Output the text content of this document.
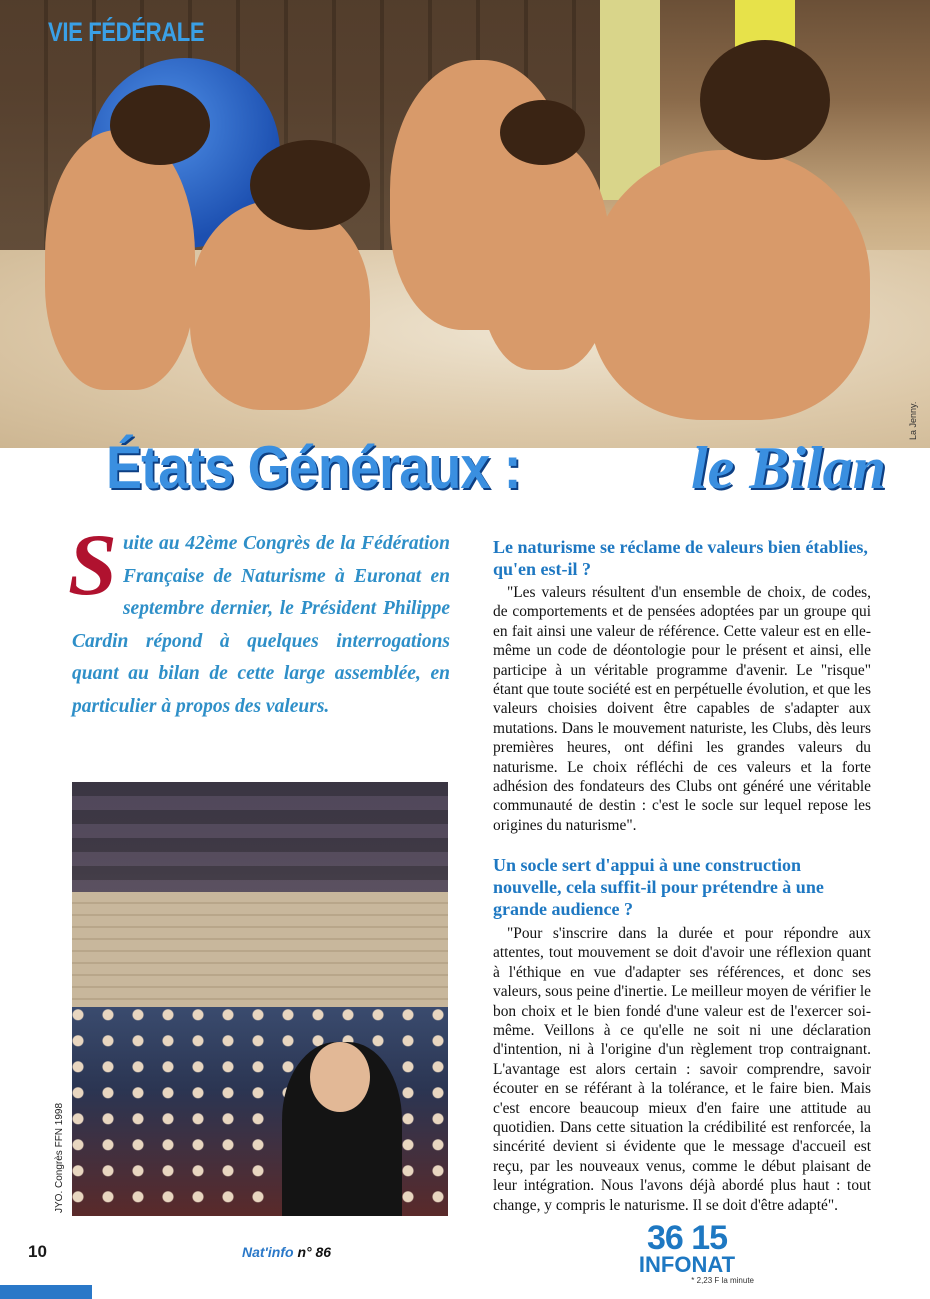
VIE FÉDÉRALE
La Jenny.
États Généraux :	le Bilan

Suite au 42ème Congrès de la Fédération Française de Naturisme à Euronat en septembre dernier, le Président Philippe Cardin répond à quelques interrogations quant au bilan de cette large assemblée, en particulier à propos des valeurs.

JYO. Congrès FFN 1998
Le naturisme se réclame de valeurs bien établies, qu'en est-il ?

"Les valeurs résultent d'un ensemble de choix, de codes, de comportements et de pensées adoptées par un groupe qui en fait ainsi une valeur de référence. Cette valeur est en elle-même un code de déontologie pour le présent et ainsi, elle participe à un véritable programme d'avenir. Le "risque" étant que toute société est en perpétuelle évolution, et que les valeurs choisies doivent être capables de s'adapter aux mutations. Dans le mouvement naturiste, les Clubs, dès leurs premières heures, ont défini les grandes valeurs du naturisme. Le choix réfléchi de ces valeurs et la forte adhésion des fondateurs des Clubs ont généré une véritable communauté de destin : c'est le socle sur lequel repose les origines du naturisme".

Un socle sert d'appui à une construction nouvelle, cela suffit-il pour prétendre à une grande audience ?

"Pour s'inscrire dans la durée et pour répondre aux attentes, tout mouvement se doit d'avoir une réflexion quant à l'éthique en vue d'adapter ses références, et donc ses valeurs, sous peine d'inertie. Le meilleur moyen de vérifier le bon choix et le bien fondé d'une valeur est de l'exercer soi-même. Veillons à ce qu'elle ne soit ni une déclaration d'intention, ni à l'origine d'un règlement trop contraignant. L'avantage est alors certain : savoir comprendre, savoir écouter en se référant à la tolérance, et le faire bien. Mais c'est encore beaucoup mieux d'en faire une attitude au quotidien. Dans cette situation la crédibilité est renforcée, la sincérité devient si évidente que le message d'accueil est reçu, par les nouveaux venus, comme le début plaisant de leur intégration. Nous l'avons déjà abordé plus haut : tout change, y compris le naturisme. Il se doit d'être adapté".

10	Nat'info n° 86	36 15
INFONAT
* 2,23 F la minute
